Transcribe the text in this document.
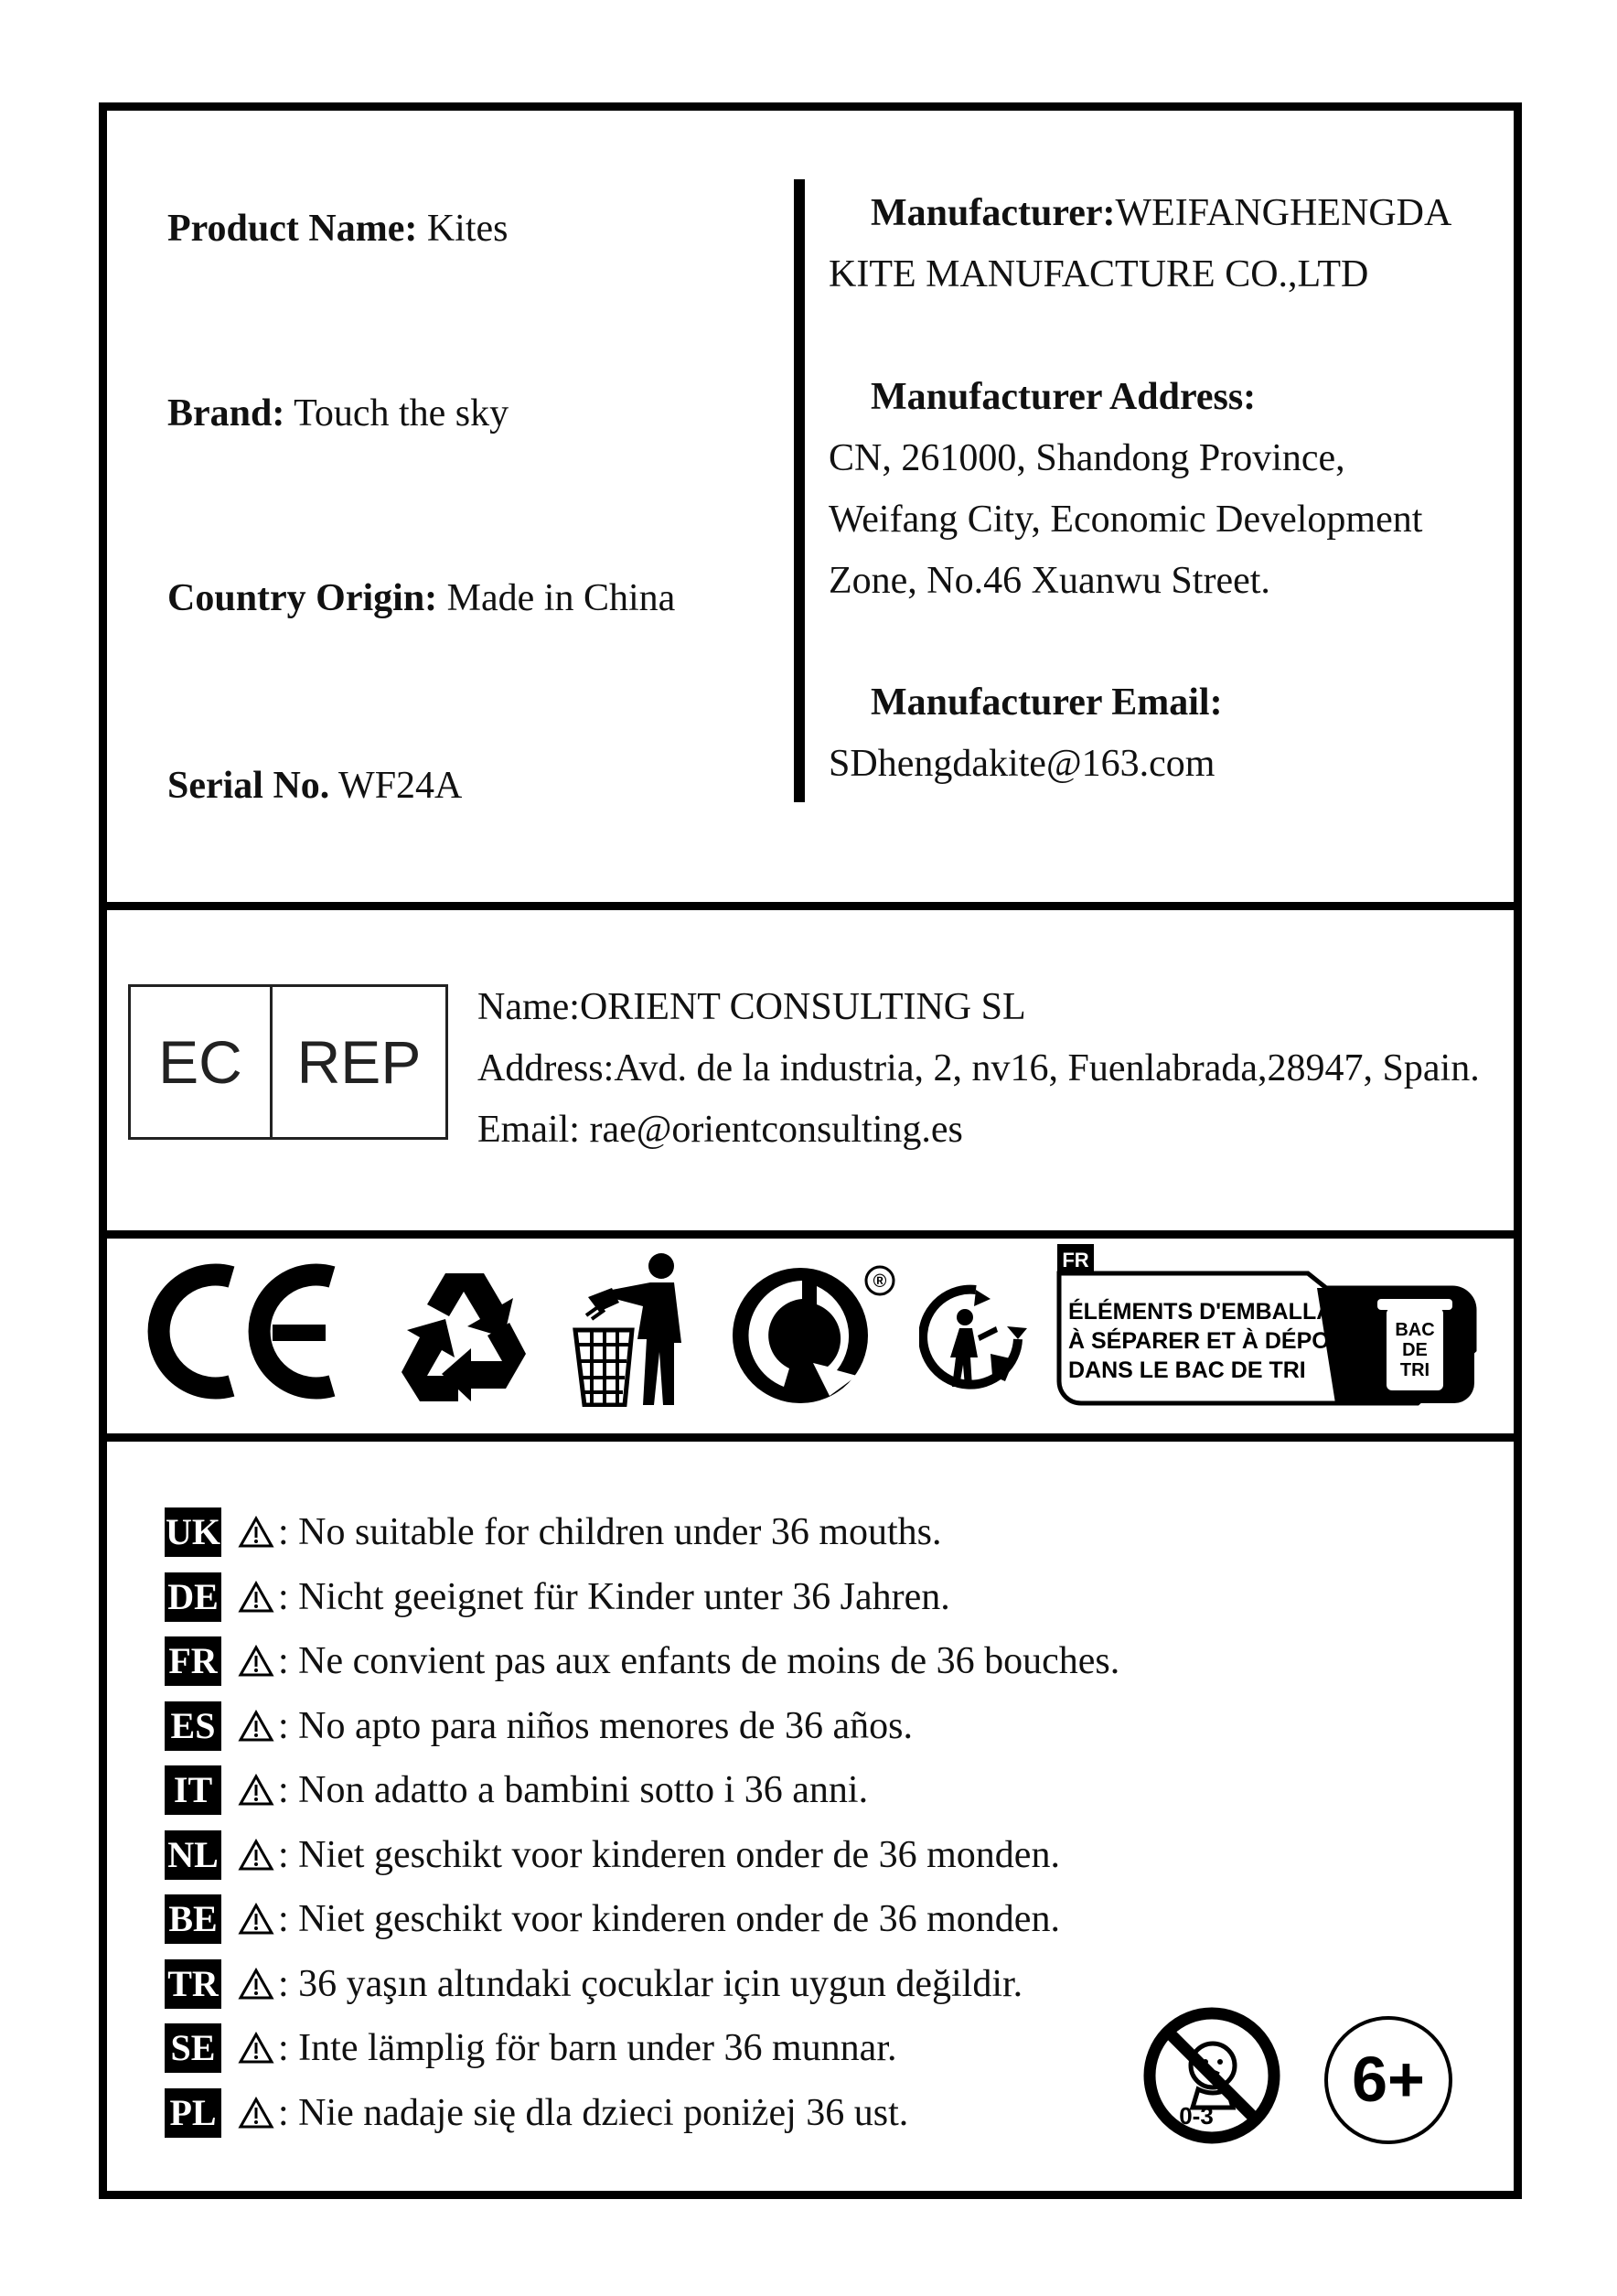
Product Name: Kites
Brand: Touch the sky
Country Origin: Made in China
Serial No. WF24A
Manufacturer:WEIFANGHENGDA
KITE MANUFACTURE CO.,LTD
Manufacturer Address:
CN, 261000, Shandong Province,
Weifang City, Economic Development
Zone, No.46 Xuanwu Street.
Manufacturer Email:
SDhengdakite@163.com
EC REP
Name:ORIENT CONSULTING SL
Address:Avd. de la industria, 2, nv16, Fuenlabrada,28947, Spain.
Email: rae@orientconsulting.es
®
FR
ÉLÉMENTS D'EMBALLAGE
À SÉPARER ET À DÉPOSER
DANS LE BAC DE TRI
BAC
DE
TRI
UK : No suitable for children under 36 mouths.
DE : Nicht geeignet für Kinder unter 36 Jahren.
FR : Ne convient pas aux enfants de moins de 36 bouches.
ES : No apto para niños menores de 36 años.
IT : Non adatto a bambini sotto i 36 anni.
NL : Niet geschikt voor kinderen onder de 36 monden.
BE : Niet geschikt voor kinderen onder de 36 monden.
TR : 36 yaşın altındaki çocuklar için uygun değildir.
SE : Inte lämplig för barn under 36 munnar.
PL : Nie nadaje się dla dzieci poniżej 36 ust.	0-3
6+
